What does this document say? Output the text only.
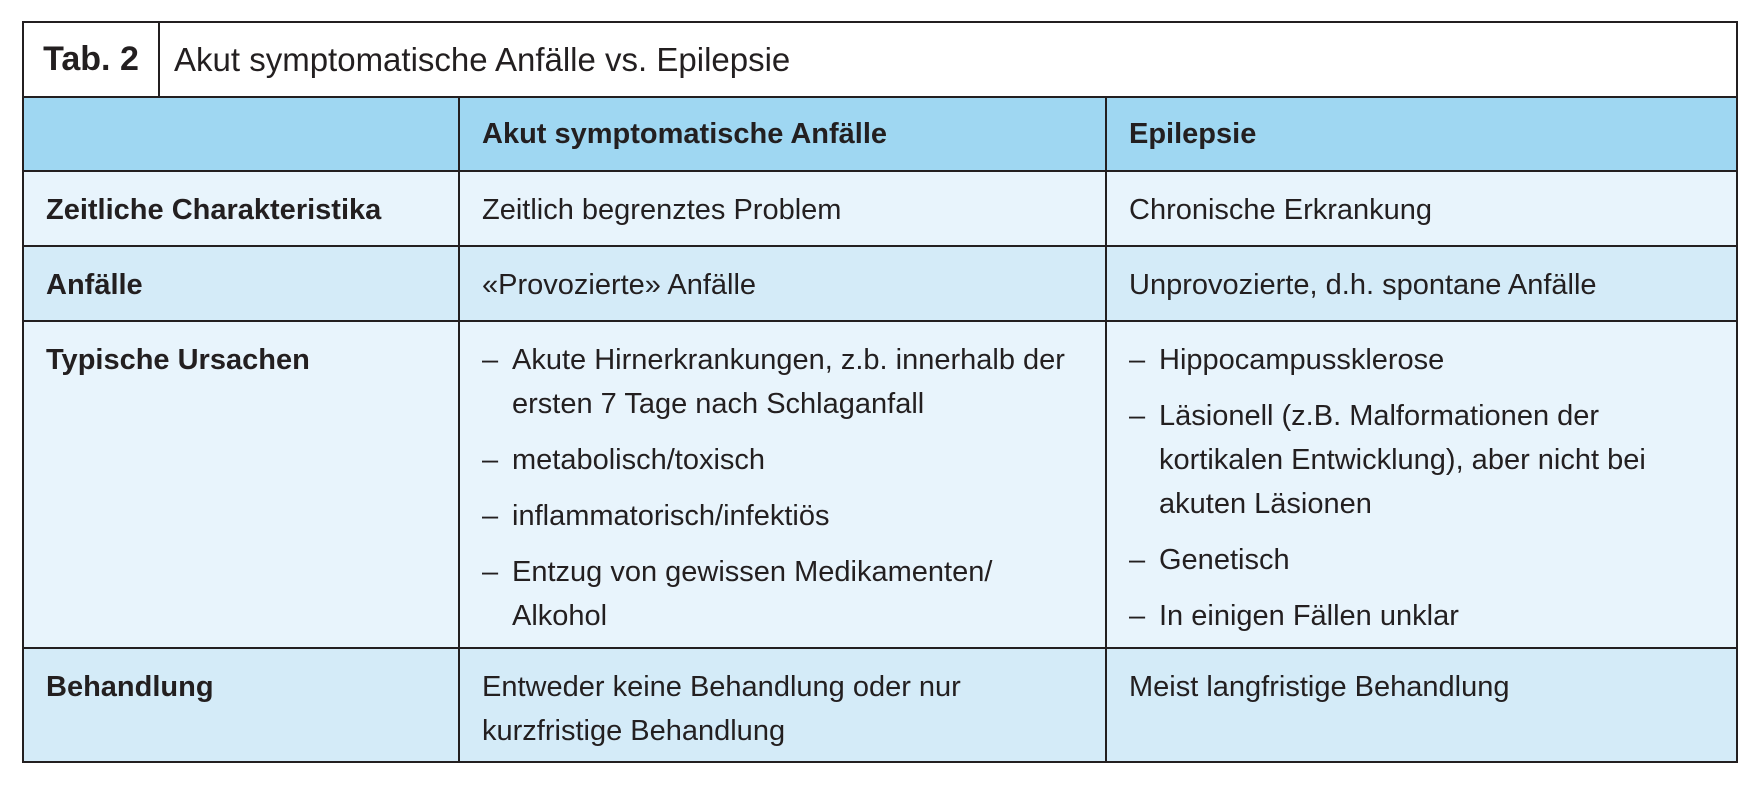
Tab. 2	Akut symptomatische Anfälle vs. Epilepsie
Akut symptomatische Anfälle	Epilepsie
Zeitliche Charakteristika	Zeitlich begrenztes Problem	Chronische Erkrankung
Anfälle	«Provozierte» Anfälle	Unprovozierte, d.h. spontane Anfälle
Typische Ursachen
–	Akute Hirnerkrankungen, z.b. innerhalb der ersten 7 Tage nach Schlaganfall
– metabolisch/toxisch
– inflammatorisch/infektiös
– Entzug von gewissen Medikamenten/ Alkohol
– Hippocampussklerose
– Läsionell (z.B. Malformationen der kortikalen Entwicklung), aber nicht bei akuten Läsionen
– Genetisch
– In einigen Fällen unklar
Behandlung	Entweder keine Behandlung oder nur kurzfristige Behandlung
Meist langfristige Behandlung
